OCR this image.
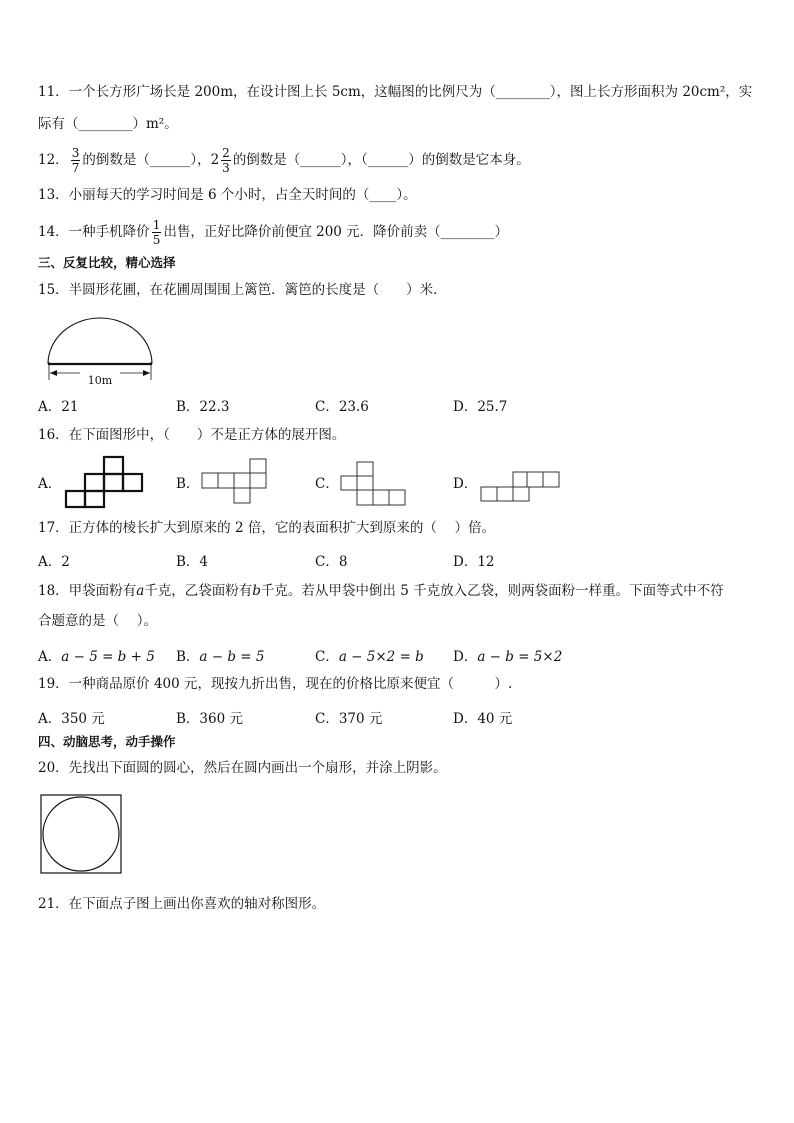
11．一个长方形广场长是 200m，在设计图上长 5cm，这幅图的比例尺为（________），图上长方形面积为 20cm²，实
际有（________）m²。
12． $\frac{3}{7}$ 的倒数是（______），$2 \frac{2}{3}$ 的倒数是（______），（______）的倒数是它本身。
13．小丽每天的学习时间是 6 个小时，占全天时间的（____）。
14．一种手机降价 $\frac{1}{5}$ 出售，正好比降价前便宜 200 元．降价前卖（________）
三、反复比较，精心选择
15．半圆形花圃，在花圃周围围上篱笆．篱笆的长度是（　　）米．
10m
A．21	B．22.3	C．23.6	D．25.7
16．在下面图形中，（　　）不是正方体的展开图。
A．	B．	C．	D．
17．正方体的棱长扩大到原来的 2 倍，它的表面积扩大到原来的（　 ）倍。
A．2	B．4	C．8	D．12
18．甲袋面粉有a千克，乙袋面粉有b千克。若从甲袋中倒出 5 千克放入乙袋，则两袋面粉一样重。下面等式中不符
合题意的是（　 ）。
A．a − 5 = b + 5 B．a − b = 5	C．a − 5×2 = b D．a − b = 5×2
19．一种商品原价 400 元，现按九折出售，现在的价格比原来便宜（　　　）.
A．350 元	B．360 元	C．370 元	D．40 元
四、动脑思考，动手操作
20．先找出下面圆的圆心，然后在圆内画出一个扇形，并涂上阴影。
21．在下面点子图上画出你喜欢的轴对称图形。
